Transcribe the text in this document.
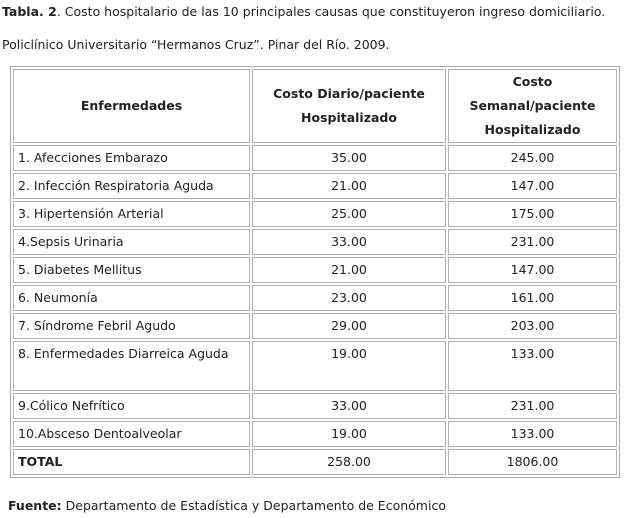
Tabla. 2. Costo hospitalario de las 10 principales causas que constituyeron ingreso domiciliario.
Policlínico Universitario “Hermanos Cruz”. Pinar del Río. 2009.
Enfermedades	Costo Diario/paciente Hospitalizado	Costo Semanal/paciente Hospitalizado
1. Afecciones Embarazo	35.00	245.00
2. Infección Respiratoria Aguda	21.00	147.00
3. Hipertensión Arterial	25.00	175.00
4.Sepsis Urinaria	33.00	231.00
5. Diabetes Mellitus	21.00	147.00
6. Neumonía	23.00	161.00
7. Síndrome Febril Agudo	29.00	203.00
8. Enfermedades Diarreica Aguda	19.00	133.00
9.Cólico Nefrítico	33.00	231.00
10.Absceso Dentoalveolar	19.00	133.00
TOTAL	258.00	1806.00
Fuente: Departamento de Estadística y Departamento de Económico
